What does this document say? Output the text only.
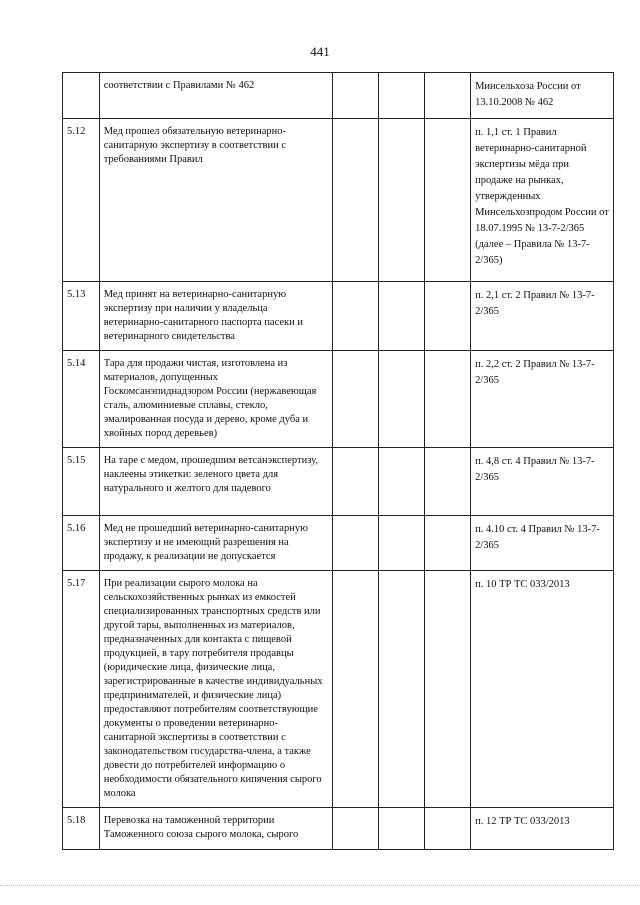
441
	соответствии с Правилами № 462				Минсельхоза России от 13.10.2008 № 462
5.12	Мед прошел обязательную ветеринарно-санитарную экспертизу в соответствии с требованиями Правил				п. 1,1 ст. 1 Правил ветеринарно-санитарной экспертизы мёда при продаже на рынках, утвержденных Минсельхозпродом России от 18.07.1995 № 13-7-2/365 (далее – Правила № 13-7-2/365)
5.13	Мед принят на ветеринарно-санитарную экспертизу при наличии у владельца ветеринарно-санитарного паспорта пасеки и ветеринарного свидетельства				п. 2,1 ст. 2 Правил № 13-7-2/365
5.14	Тара для продажи чистая, изготовлена из материалов, допущенных Госкомсанэпиднадзором России (нержавеющая сталь, алюминиевые сплавы, стекло, эмалированная посуда и дерево, кроме дуба и хвойных пород деревьев)				п. 2,2 ст. 2 Правил № 13-7-2/365
5.15	На таре с медом, прошедшим ветсанэкспертизу, наклеены этикетки: зеленого цвета для натурального и желтого для падевого				п. 4,8 ст. 4 Правил № 13-7-2/365
5.16	Мед не прошедший ветеринарно-санитарную экспертизу и не имеющий разрешения на продажу, к реализации не допускается				п. 4.10 ст. 4 Правил № 13-7-2/365
5.17	При реализации сырого молока на сельскохозяйственных рынках из емкостей специализированных транспортных средств или другой тары, выполненных из материалов, предназначенных для контакта с пищевой продукцией, в тару потребителя продавцы (юридические лица, физические лица, зарегистрированные в качестве индивидуальных предпринимателей, и физические лица) предоставляют потребителям соответствующие документы о проведении ветеринарно-санитарной экспертизы в соответствии с законодательством государства-члена, а также довести до потребителей информацию о необходимости обязательного кипячения сырого молока				п. 10 ТР ТС 033/2013
5.18	Перевозка на таможенной территории Таможенного союза сырого молока, сырого				п. 12 ТР ТС 033/2013
